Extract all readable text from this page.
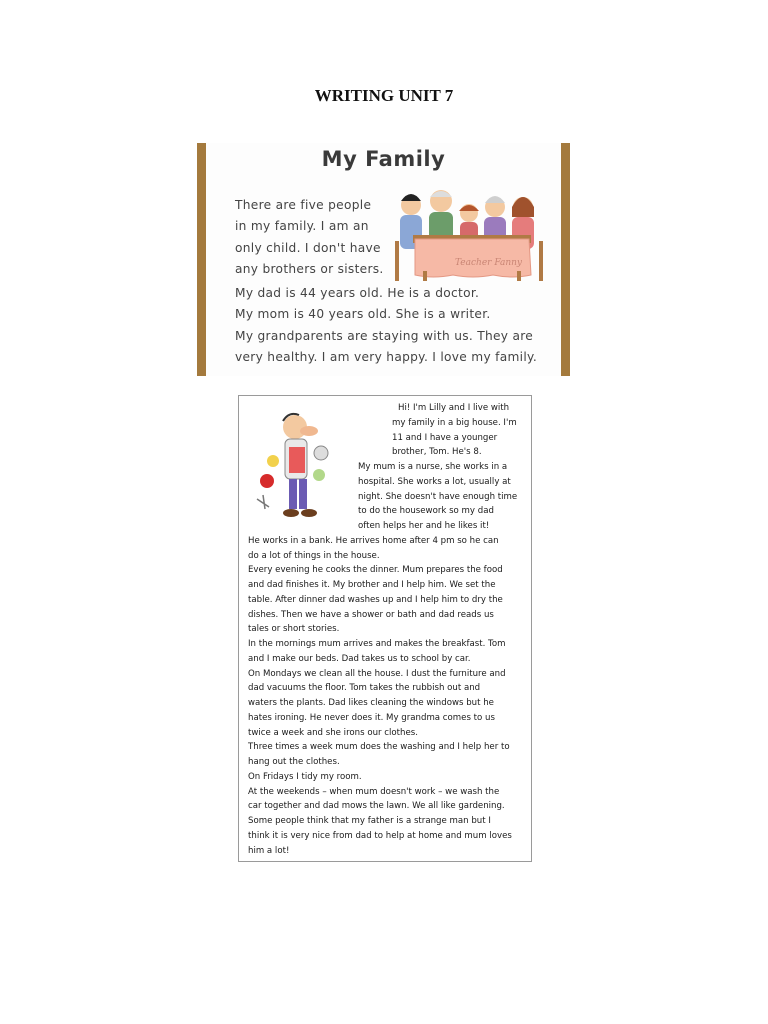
WRITING UNIT 7
My Family
Teacher Fanny
There are five people
in my family. I am an
only child. I don't have
any brothers or sisters.
My dad is 44 years old. He is a doctor.
My mom is 40 years old. She is a writer.
My grandparents are staying with us. They are
very healthy. I am very happy. I love my family.
Hi! I'm Lilly and I live with
my family in a big house. I'm
11 and I have a younger
brother, Tom. He's 8.
My mum is a nurse, she works in a
hospital. She works a lot, usually at
night. She doesn't have enough time
to do the housework so my dad
often helps her and he likes it!
He works in a bank. He arrives home after 4 pm so he can
do a lot of things in the house.
Every evening he cooks the dinner. Mum prepares the food
and dad finishes it. My brother and I help him. We set the
table. After dinner dad washes up and I help him to dry the
dishes. Then we have a shower or bath and dad reads us
tales or short stories.
In the mornings mum arrives and makes the breakfast. Tom
and I make our beds. Dad takes us to school by car.
On Mondays we clean all the house. I dust the furniture and
dad vacuums the floor. Tom takes the rubbish out and
waters the plants. Dad likes cleaning the windows but he
hates ironing. He never does it. My grandma comes to us
twice a week and she irons our clothes.
Three times a week mum does the washing and I help her to
hang out the clothes.
On Fridays I tidy my room.
At the weekends – when mum doesn't work – we wash the
car together and dad mows the lawn. We all like gardening.
Some people think that my father is a strange man but I
think it is very nice from dad to help at home and mum loves
him a lot!
